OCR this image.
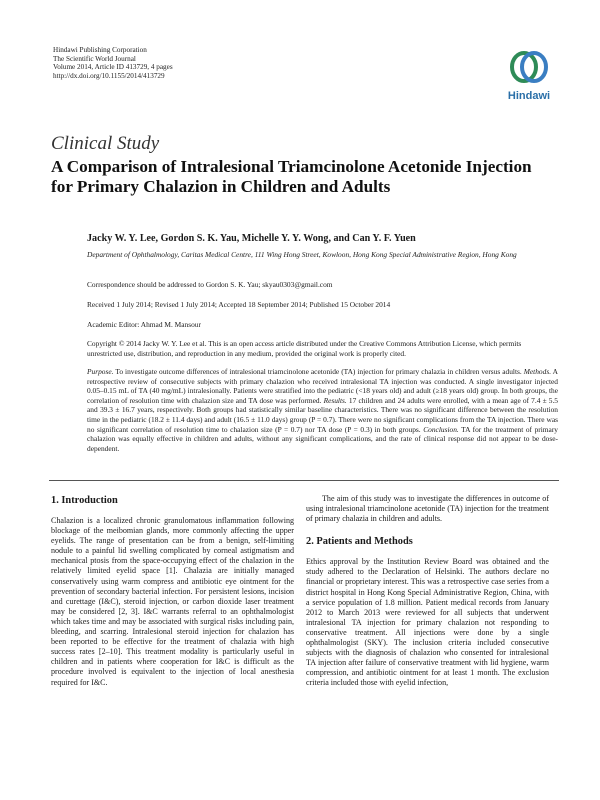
Hindawi Publishing Corporation
The Scientific World Journal
Volume 2014, Article ID 413729, 4 pages
http://dx.doi.org/10.1155/2014/413729
Hindawi
Clinical Study
A Comparison of Intralesional Triamcinolone Acetonide Injection for Primary Chalazion in Children and Adults
Jacky W. Y. Lee, Gordon S. K. Yau, Michelle Y. Y. Wong, and Can Y. F. Yuen
Department of Ophthalmology, Caritas Medical Centre, 111 Wing Hong Street, Kowloon, Hong Kong Special Administrative Region, Hong Kong
Correspondence should be addressed to Gordon S. K. Yau; skyau0303@gmail.com
Received 1 July 2014; Revised 1 July 2014; Accepted 18 September 2014; Published 15 October 2014
Academic Editor: Ahmad M. Mansour
Copyright © 2014 Jacky W. Y. Lee et al. This is an open access article distributed under the Creative Commons Attribution License, which permits unrestricted use, distribution, and reproduction in any medium, provided the original work is properly cited.
Purpose. To investigate outcome differences of intralesional triamcinolone acetonide (TA) injection for primary chalazia in children versus adults. Methods. A retrospective review of consecutive subjects with primary chalazion who received intralesional TA injection was conducted. A single investigator injected 0.05–0.15 mL of TA (40 mg/mL) intralesionally. Patients were stratified into the pediatric (<18 years old) and adult (≥18 years old) group. In both groups, the correlation of resolution time with chalazion size and TA dose was performed. Results. 17 children and 24 adults were enrolled, with a mean age of 7.4 ± 5.5 and 39.3 ± 16.7 years, respectively. Both groups had statistically similar baseline characteristics. There was no significant difference between the resolution time in the pediatric (18.2 ± 11.4 days) and adult (16.5 ± 11.0 days) group (P = 0.7). There were no significant complications from the TA injection. There was no significant correlation of resolution time to chalazion size (P = 0.7) nor TA dose (P = 0.3) in both groups. Conclusion. TA for the treatment of primary chalazion was equally effective in children and adults, without any significant complications, and the rate of clinical response did not appear to be dose-dependent.
1. Introduction

Chalazion is a localized chronic granulomatous inflammation following blockage of the meibomian glands, more commonly affecting the upper eyelids. The range of presentation can be from a benign, self-limiting nodule to a painful lid swelling complicated by corneal astigmatism and mechanical ptosis from the space-occupying effect of the chalazion in the relatively limited eyelid space [1]. Chalazia are initially managed conservatively using warm compress and antibiotic eye ointment for the prevention of secondary bacterial infection. For persistent lesions, incision and curettage (I&C), steroid injection, or carbon dioxide laser treatment may be considered [2, 3]. I&C warrants referral to an ophthalmologist which takes time and may be associated with surgical risks including pain, bleeding, and scarring. Intralesional steroid injection for chalazion has been reported to be effective for the treatment of chalazia with high success rates [2–10]. This treatment modality is particularly useful in children and in patients where cooperation for I&C is difficult as the procedure involved is equivalent to the injection of local anesthesia required for I&C.

The aim of this study was to investigate the differences in outcome of using intralesional triamcinolone acetonide (TA) injection for the treatment of primary chalazia in children and adults.

2. Patients and Methods

Ethics approval by the Institution Review Board was obtained and the study adhered to the Declaration of Helsinki. The authors declare no financial or proprietary interest. This was a retrospective case series from a district hospital in Hong Kong Special Administrative Region, China, with a service population of 1.8 million. Patient medical records from January 2012 to March 2013 were reviewed for all subjects that underwent intralesional TA injection for primary chalazion not responding to conservative treatment. All injections were done by a single ophthalmologist (SKY). The inclusion criteria included consecutive subjects with the diagnosis of chalazion who consented for intralesional TA injection after failure of conservative treatment with lid hygiene, warm compression, and antibiotic ointment for at least 1 month. The exclusion criteria included those with eyelid infection,
